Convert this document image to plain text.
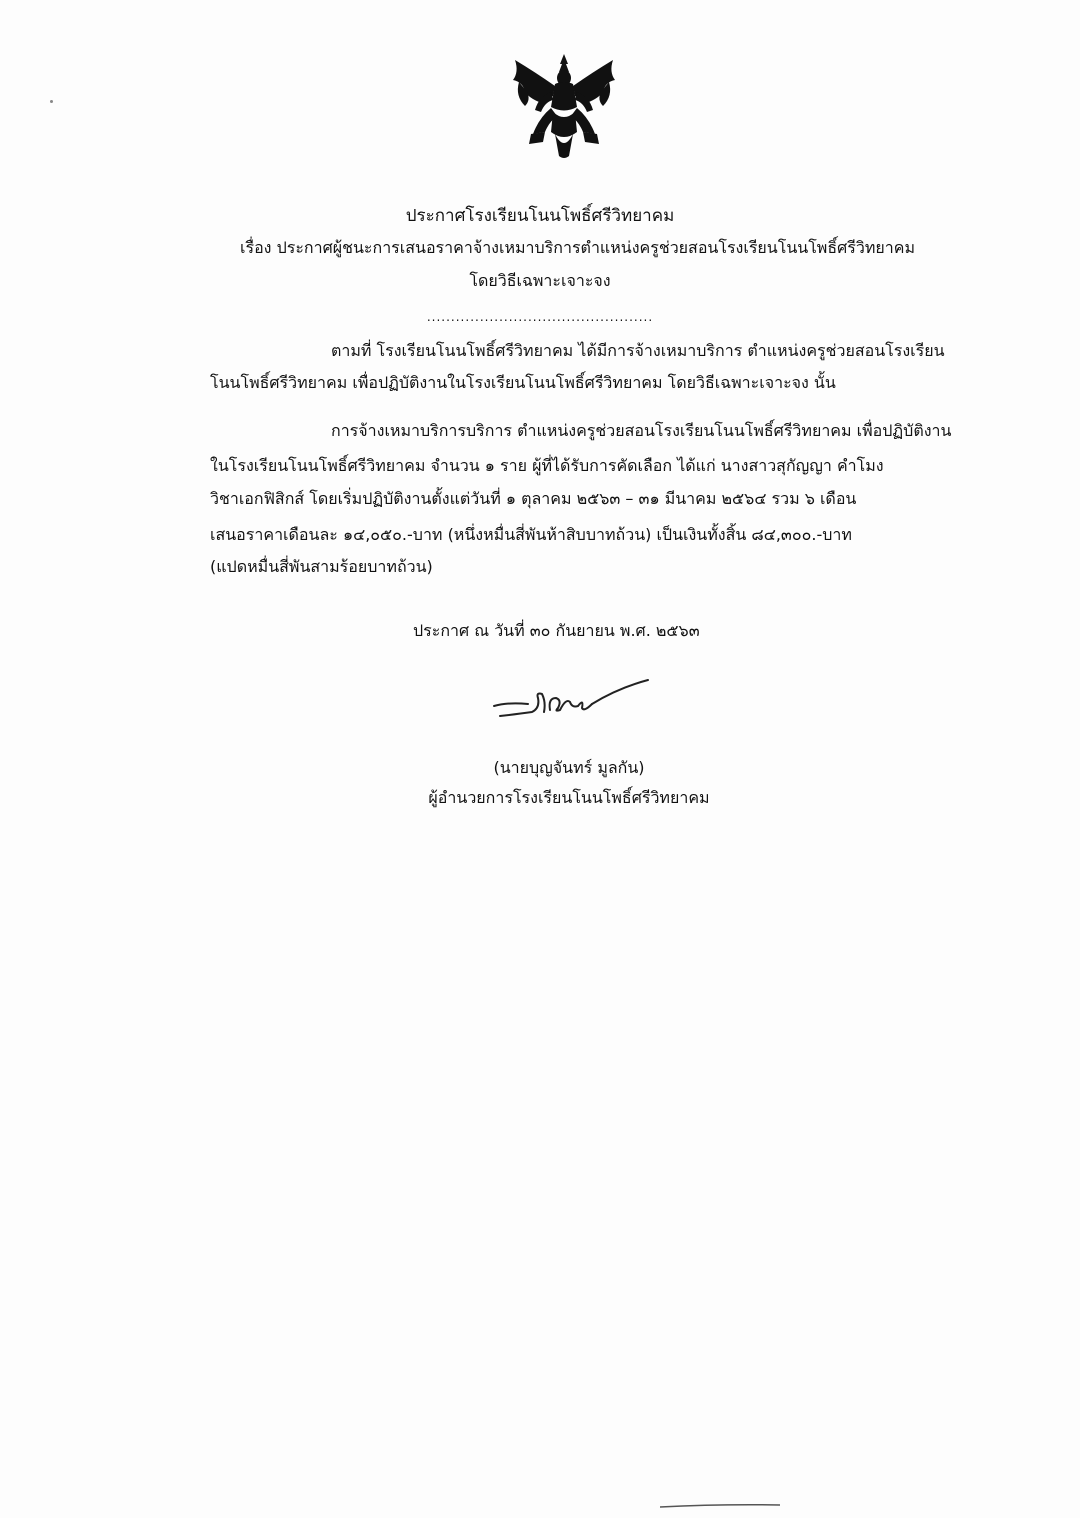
ประกาศโรงเรียนโนนโพธิ์ศรีวิทยาคม
เรื่อง ประกาศผู้ชนะการเสนอราคาจ้างเหมาบริการตำแหน่งครูช่วยสอนโรงเรียนโนนโพธิ์ศรีวิทยาคม
โดยวิธีเฉพาะเจาะจง
...............................................
ตามที่ โรงเรียนโนนโพธิ์ศรีวิทยาคม ได้มีการจ้างเหมาบริการ ตำแหน่งครูช่วยสอนโรงเรียน
โนนโพธิ์ศรีวิทยาคม เพื่อปฏิบัติงานในโรงเรียนโนนโพธิ์ศรีวิทยาคม โดยวิธีเฉพาะเจาะจง นั้น
การจ้างเหมาบริการบริการ ตำแหน่งครูช่วยสอนโรงเรียนโนนโพธิ์ศรีวิทยาคม เพื่อปฏิบัติงาน
ในโรงเรียนโนนโพธิ์ศรีวิทยาคม จำนวน ๑ ราย ผู้ที่ได้รับการคัดเลือก ได้แก่ นางสาวสุกัญญา คำโมง
วิชาเอกฟิสิกส์ โดยเริ่มปฏิบัติงานตั้งแต่วันที่ ๑ ตุลาคม ๒๕๖๓ – ๓๑ มีนาคม ๒๕๖๔ รวม ๖ เดือน
เสนอราคาเดือนละ ๑๔,๐๕๐.-บาท (หนึ่งหมื่นสี่พันห้าสิบบาทถ้วน) เป็นเงินทั้งสิ้น ๘๔,๓๐๐.-บาท
(แปดหมื่นสี่พันสามร้อยบาทถ้วน)
ประกาศ ณ วันที่ ๓๐ กันยายน พ.ศ. ๒๕๖๓
(นายบุญจันทร์ มูลกัน)
ผู้อำนวยการโรงเรียนโนนโพธิ์ศรีวิทยาคม
